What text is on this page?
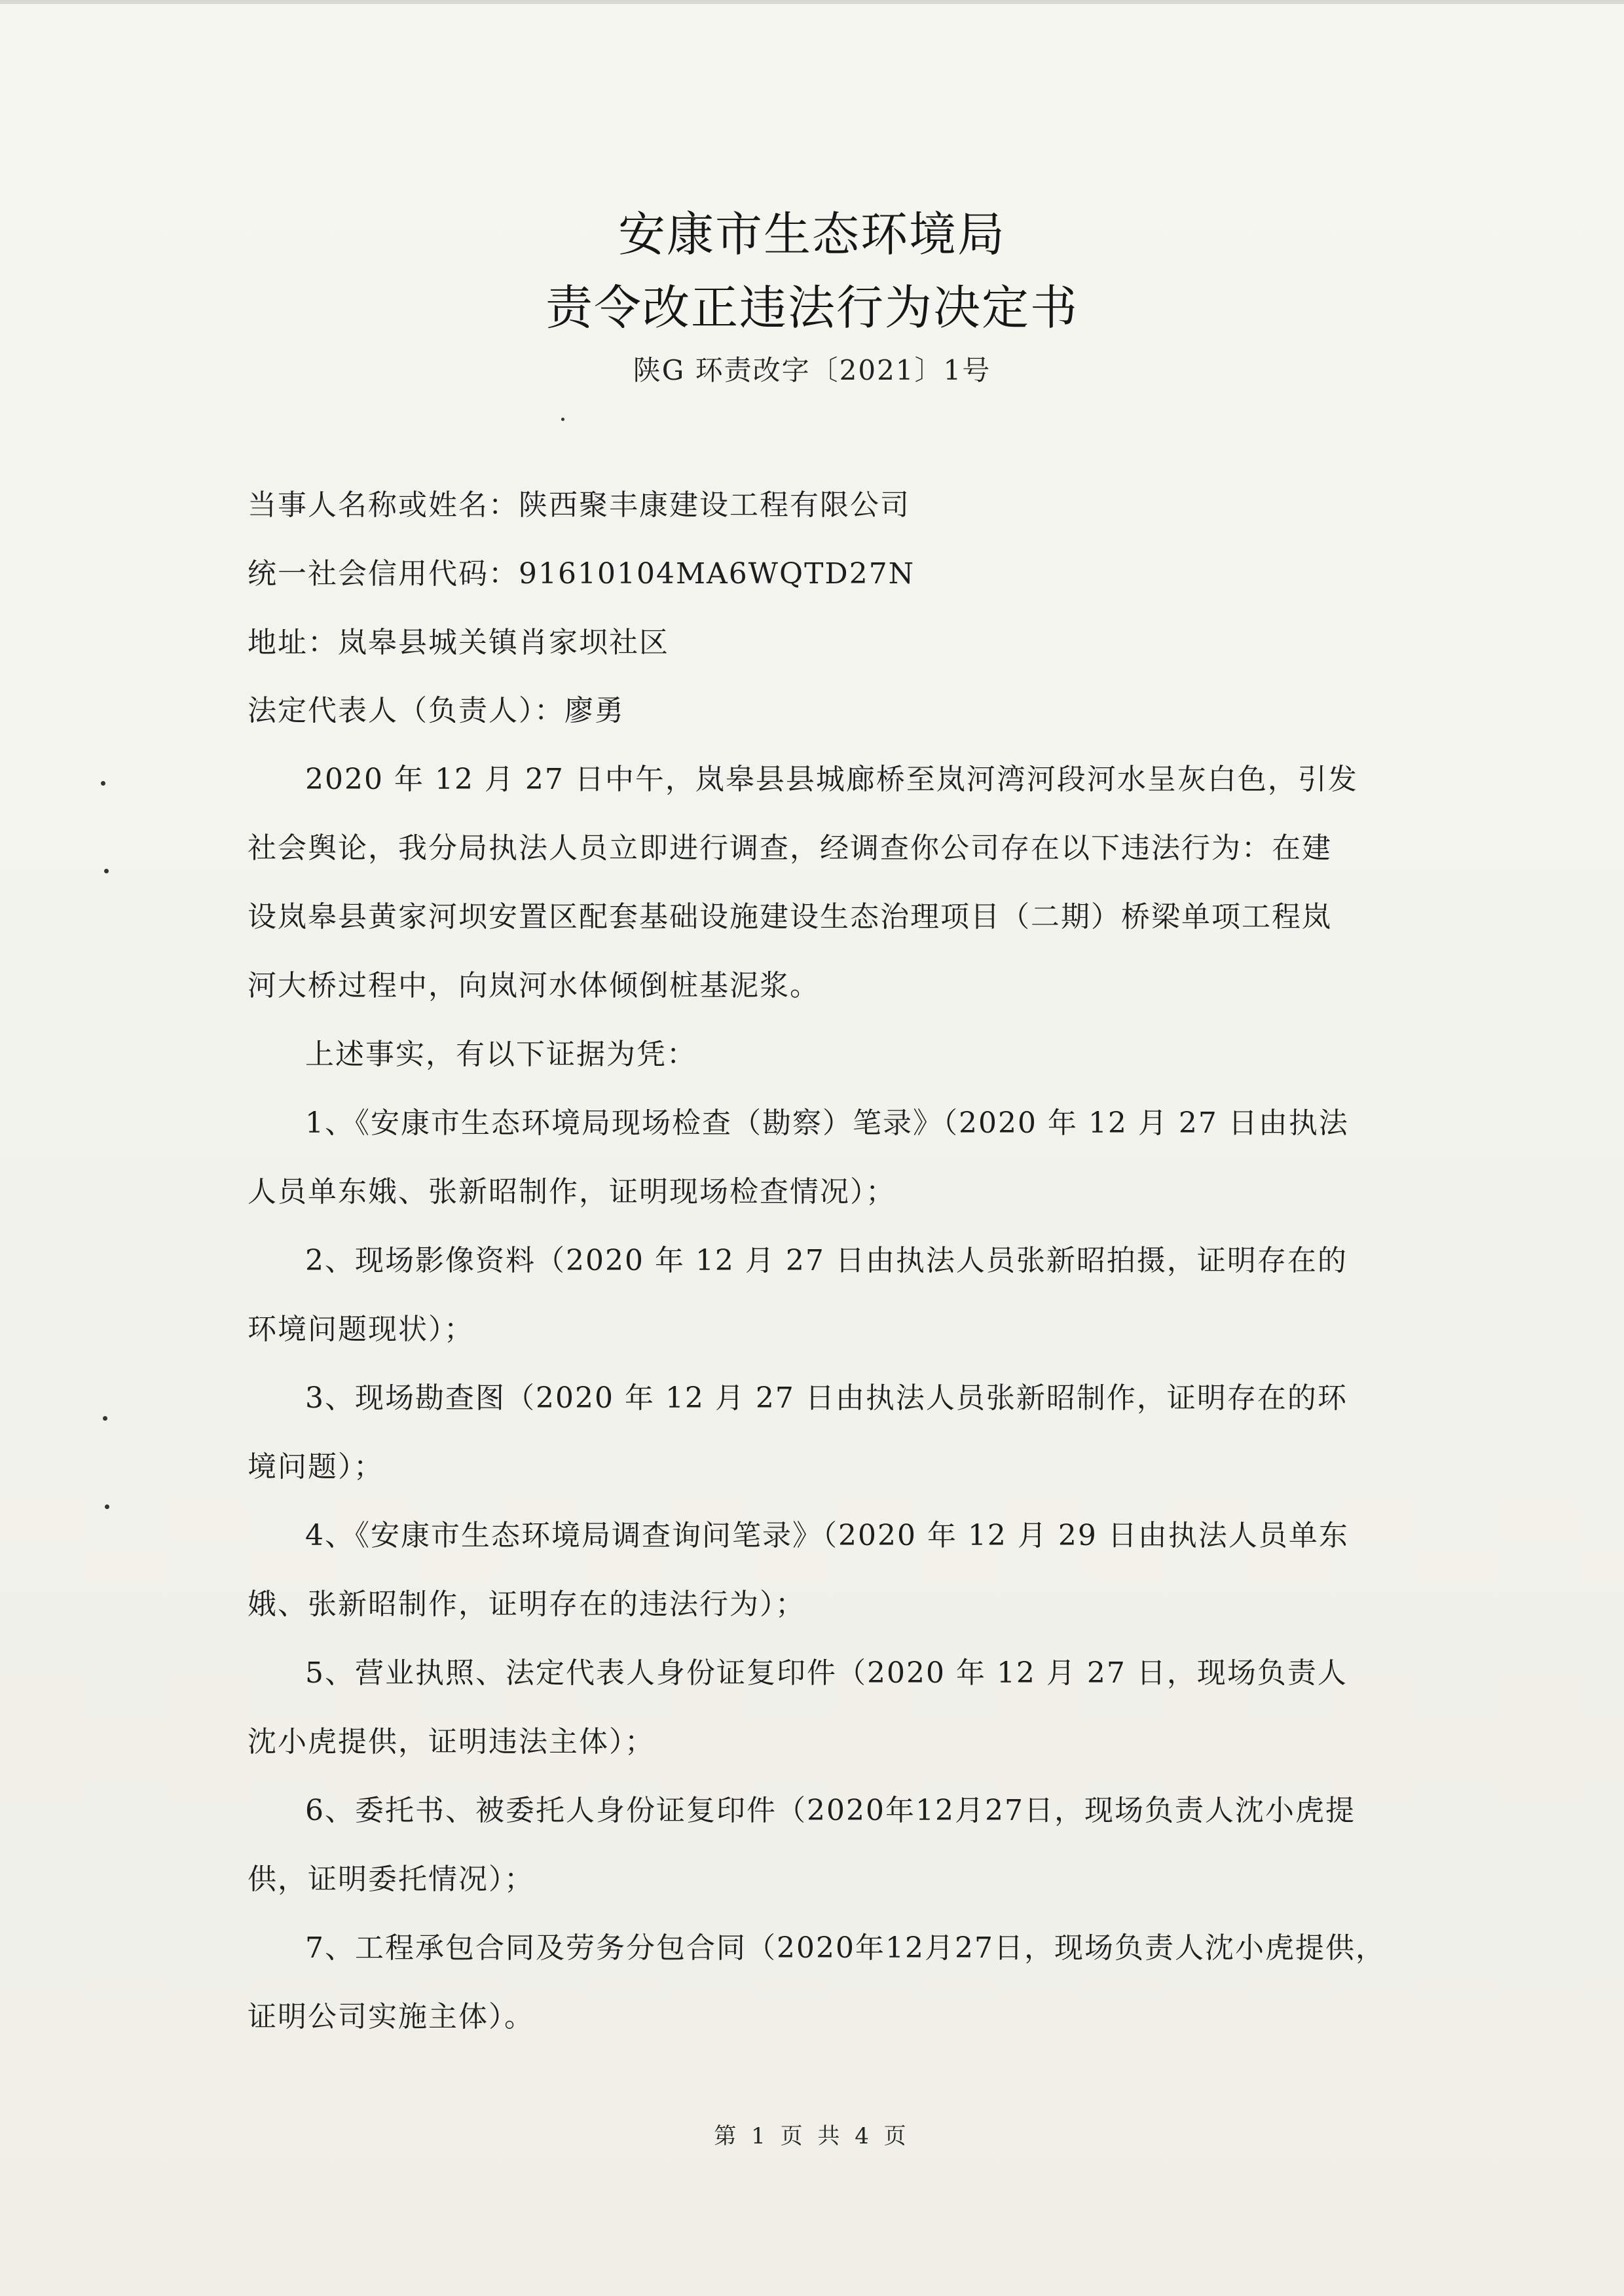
安康市生态环境局
责令改正违法行为决定书
陕G 环责改字〔2021〕1号
当事人名称或姓名：陕西聚丰康建设工程有限公司
统一社会信用代码：91610104MA6WQTD27N
地址：岚皋县城关镇肖家坝社区
法定代表人（负责人）：廖勇
2020 年 12 月 27 日中午，岚皋县县城廊桥至岚河湾河段河水呈灰白色，引发
社会舆论，我分局执法人员立即进行调查，经调查你公司存在以下违法行为：在建
设岚皋县黄家河坝安置区配套基础设施建设生态治理项目（二期）桥梁单项工程岚
河大桥过程中，向岚河水体倾倒桩基泥浆。
上述事实，有以下证据为凭：
1、《安康市生态环境局现场检查（勘察）笔录》（2020 年 12 月 27 日由执法
人员单东娥、张新昭制作，证明现场检查情况）；
2、现场影像资料（2020 年 12 月 27 日由执法人员张新昭拍摄，证明存在的
环境问题现状）；
3、现场勘查图（2020 年 12 月 27 日由执法人员张新昭制作，证明存在的环
境问题）；
4、《安康市生态环境局调查询问笔录》（2020 年 12 月 29 日由执法人员单东
娥、张新昭制作，证明存在的违法行为）；
5、营业执照、法定代表人身份证复印件（2020 年 12 月 27 日，现场负责人
沈小虎提供，证明违法主体）；
6、委托书、被委托人身份证复印件（2020年12月27日，现场负责人沈小虎提
供，证明委托情况）；
7、工程承包合同及劳务分包合同（2020年12月27日，现场负责人沈小虎提供，
证明公司实施主体）。
第 1 页 共 4 页
